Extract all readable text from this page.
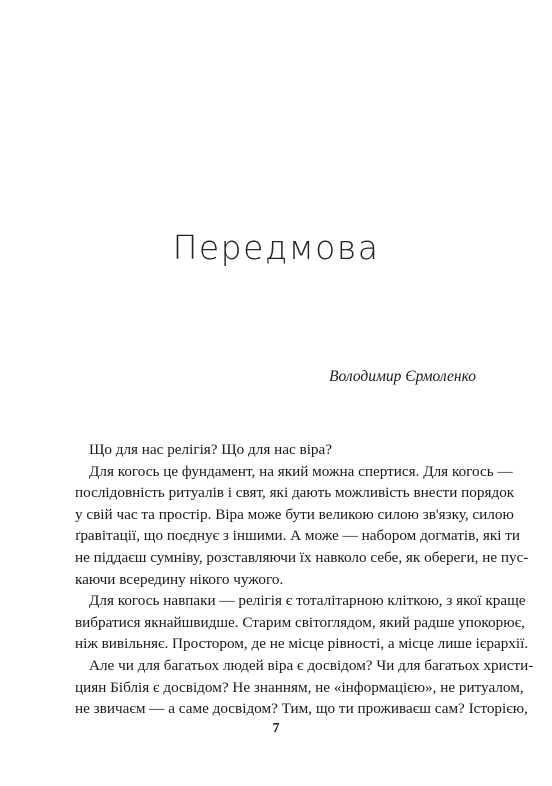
Передмова

Володимир Єрмоленко

Що для нас релігія? Що для нас віра?
Для когось це фундамент, на який можна спертися. Для когось —
послідовність ритуалів і свят, які дають можливість внести порядок
у свій час та простір. Віра може бути великою силою зв'язку, силою
ґравітації, що поєднує з іншими. А може — набором догматів, які ти
не піддаєш сумніву, розставляючи їх навколо себе, як обереги, не пус-
каючи всередину нікого чужого.
Для когось навпаки — релігія є тоталітарною кліткою, з якої краще
вибратися якнайшвидше. Старим світоглядом, який радше упокорює,
ніж вивільняє. Простором, де не місце рівності, а місце лише ієрархії.
Але чи для багатьох людей віра є досвідом? Чи для багатьох христи-
циян Біблія є досвідом? Не знанням, не «інформацією», не ритуалом,
не звичаєм — а саме досвідом? Тим, що ти проживаєш сам? Історією,

7
